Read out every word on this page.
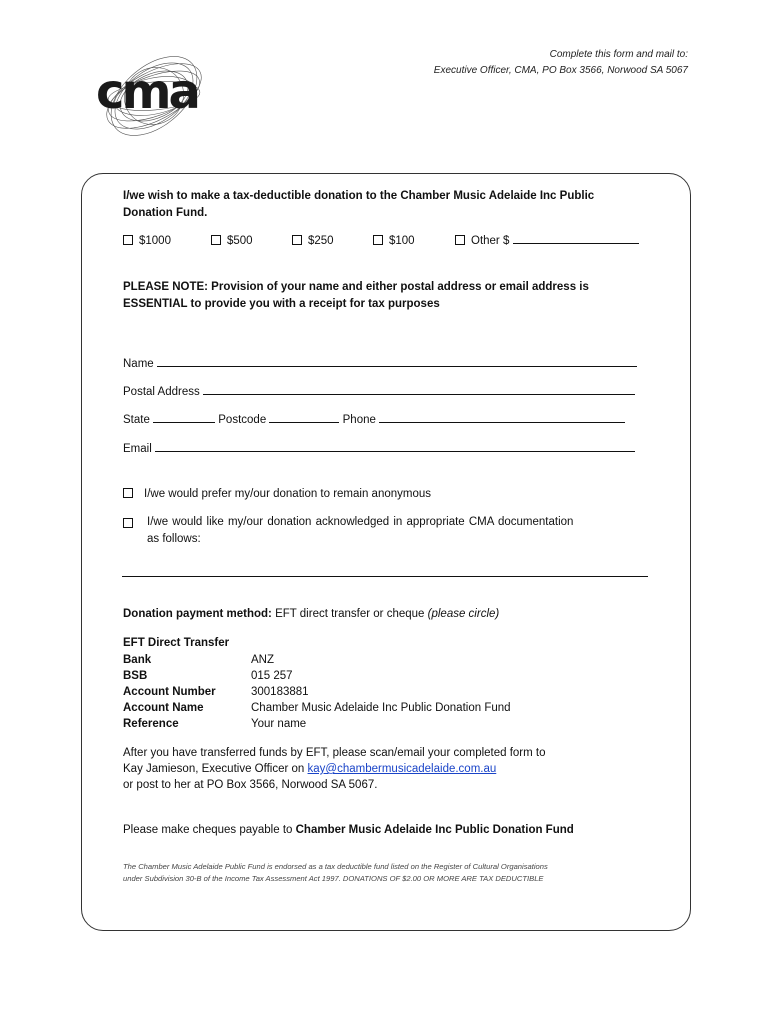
cma
Complete this form and mail to:
Executive Officer, CMA, PO Box 3566, Norwood SA 5067
I/we wish to make a tax-deductible donation to the Chamber Music Adelaide Inc Public
Donation Fund.
$1000	$500	$250	$100	Other $
PLEASE NOTE: Provision of your name and either postal address or email address is
ESSENTIAL to provide you with a receipt for tax purposes
Name
Postal Address
State	Postcode	Phone
Email
I/we would prefer my/our donation to remain anonymous
I/we would like my/our donation acknowledged in appropriate CMA documentation
as follows:
Donation payment method: EFT direct transfer or cheque (please circle)
EFT Direct Transfer
Bank	ANZ
BSB	015 257
Account Number	300183881
Account Name	Chamber Music Adelaide Inc Public Donation Fund
Reference	Your name
After you have transferred funds by EFT, please scan/email your completed form to
Kay Jamieson, Executive Officer on kay@chambermusicadelaide.com.au
or post to her at PO Box 3566, Norwood SA 5067.
Please make cheques payable to Chamber Music Adelaide Inc Public Donation Fund
The Chamber Music Adelaide Public Fund is endorsed as a tax deductible fund listed on the Register of Cultural Organisations
under Subdivision 30-B of the Income Tax Assessment Act 1997. DONATIONS OF $2.00 OR MORE ARE TAX DEDUCTIBLE
